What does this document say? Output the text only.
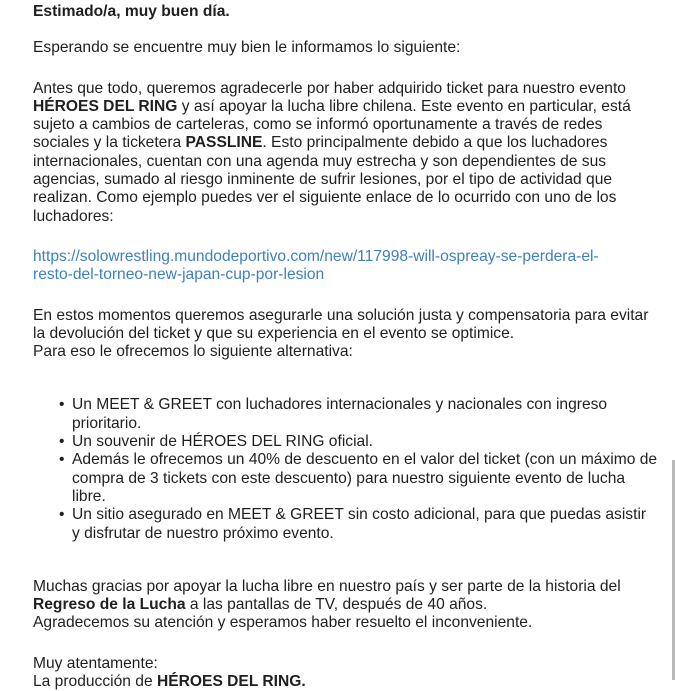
Estimado/a, muy buen día.

Esperando se encuentre muy bien le informamos lo siguiente:

Antes que todo, queremos agradecerle por haber adquirido ticket para nuestro evento HÉROES DEL RING y así apoyar la lucha libre chilena. Este evento en particular, está sujeto a cambios de carteleras, como se informó oportunamente a través de redes sociales y la ticketera PASSLINE. Esto principalmente debido a que los luchadores internacionales, cuentan con una agenda muy estrecha y son dependientes de sus agencias, sumado al riesgo inminente de sufrir lesiones, por el tipo de actividad que realizan. Como ejemplo puedes ver el siguiente enlace de lo ocurrido con uno de los luchadores:

https://solowrestling.mundodeportivo.com/new/117998-will-ospreay-se-perdera-el-
resto-del-torneo-new-japan-cup-por-lesion

En estos momentos queremos asegurarle una solución justa y compensatoria para evitar la devolución del ticket y que su experiencia en el evento se optimice.

Para eso le ofrecemos lo siguiente alternativa:

• Un MEET & GREET con luchadores internacionales y nacionales con ingreso prioritario.
• Un souvenir de HÉROES DEL RING oficial.
• Además le ofrecemos un 40% de descuento en el valor del ticket (con un máximo de compra de 3 tickets con este descuento) para nuestro siguiente evento de lucha libre.
• Un sitio asegurado en MEET & GREET sin costo adicional, para que puedas asistir y disfrutar de nuestro próximo evento.

Muchas gracias por apoyar la lucha libre en nuestro país y ser parte de la historia del Regreso de la Lucha a las pantallas de TV, después de 40 años.

Agradecemos su atención y esperamos haber resuelto el inconveniente.

Muy atentamente:

La producción de HÉROES DEL RING.
